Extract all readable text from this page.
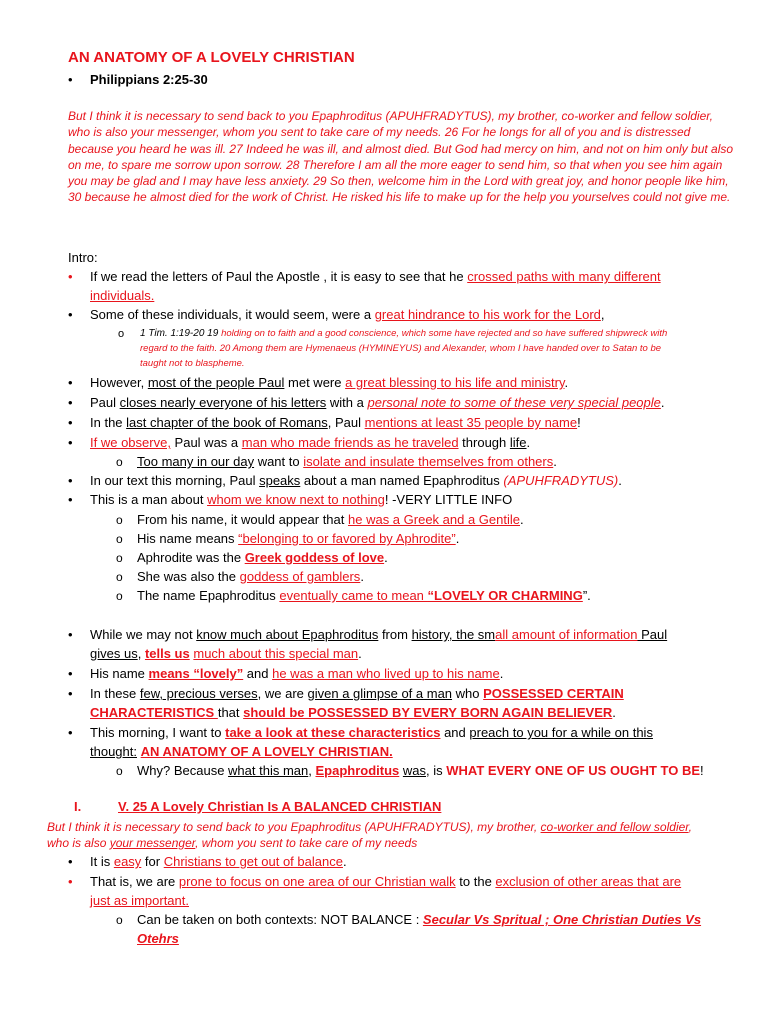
AN ANATOMY OF A LOVELY CHRISTIAN
• Philippians 2:25-30
But I think it is necessary to send back to you Epaphroditus (APUHFRADYTUS), my brother, co-worker and fellow soldier, who is also your messenger, whom you sent to take care of my needs. 26 For he longs for all of you and is distressed because you heard he was ill. 27 Indeed he was ill, and almost died. But God had mercy on him, and not on him only but also on me, to spare me sorrow upon sorrow. 28 Therefore I am all the more eager to send him, so that when you see him again you may be glad and I may have less anxiety. 29 So then, welcome him in the Lord with great joy, and honor people like him, 30 because he almost died for the work of Christ. He risked his life to make up for the help you yourselves could not give me.
Intro:
• If we read the letters of Paul the Apostle , it is easy to see that he crossed paths with many different
individuals.
• Some of these individuals, it would seem, were a great hindrance to his work for the Lord,
o 1 Tim. 1:19-20 19 holding on to faith and a good conscience, which some have rejected and so have suffered shipwreck with
regard to the faith. 20 Among them are Hymenaeus (HYMINEYUS) and Alexander, whom I have handed over to Satan to be
taught not to blaspheme.
• However, most of the people Paul met were a great blessing to his life and ministry.
• Paul closes nearly everyone of his letters with a personal note to some of these very special people.
• In the last chapter of the book of Romans, Paul mentions at least 35 people by name!
• If we observe, Paul was a man who made friends as he traveled through life.
o Too many in our day want to isolate and insulate themselves from others.
• In our text this morning, Paul speaks about a man named Epaphroditus (APUHFRADYTUS).
• This is a man about whom we know next to nothing! -VERY LITTLE INFO
o From his name, it would appear that he was a Greek and a Gentile.
o His name means “belonging to or favored by Aphrodite”.
o Aphrodite was the Greek goddess of love.
o She was also the goddess of gamblers.
o The name Epaphroditus eventually came to mean “LOVELY OR CHARMING”.
• While we may not know much about Epaphroditus from history, the small amount of information Paul
gives us, tells us much about this special man.
• His name means “lovely” and he was a man who lived up to his name.
• In these few, precious verses, we are given a glimpse of a man who POSSESSED CERTAIN
CHARACTERISTICS that should be POSSESSED BY EVERY BORN AGAIN BELIEVER.
• This morning, I want to take a look at these characteristics and preach to you for a while on this
thought: AN ANATOMY OF A LOVELY CHRISTIAN.
o Why? Because what this man, Epaphroditus was, is WHAT EVERY ONE OF US OUGHT TO BE!
I.	V. 25 A Lovely Christian Is A BALANCED CHRISTIAN
But I think it is necessary to send back to you Epaphroditus (APUHFRADYTUS), my brother, co-worker and fellow soldier,
who is also your messenger, whom you sent to take care of my needs
• It is easy for Christians to get out of balance.
• That is, we are prone to focus on one area of our Christian walk to the exclusion of other areas that are
just as important.
o Can be taken on both contexts: NOT BALANCE : Secular Vs Spritual ; One Christian Duties Vs
Otehrs
